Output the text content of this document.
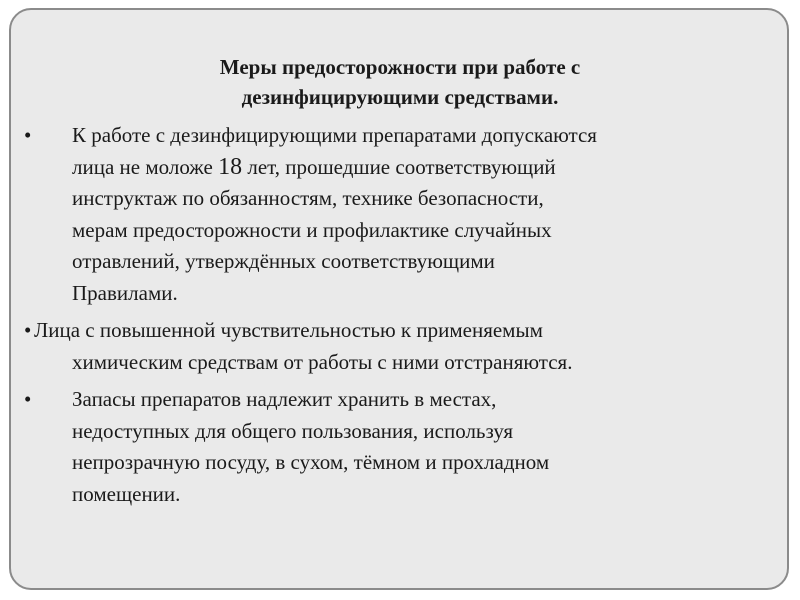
Меры предосторожности при работе с
дезинфицирующими средствами.
• К работе с дезинфицирующими препаратами допускаются
лица не моложе 18 лет, прошедшие соответствующий
инструктаж по обязанностям, технике безопасности,
мерам предосторожности и профилактике случайных
отравлений, утверждённых соответствующими
Правилами.
• Лица с повышенной чувствительностью к применяемым
химическим средствам от работы с ними отстраняются.
• Запасы препаратов надлежит хранить в местах,
недоступных для общего пользования, используя
непрозрачную посуду, в сухом, тёмном и прохладном
помещении.
